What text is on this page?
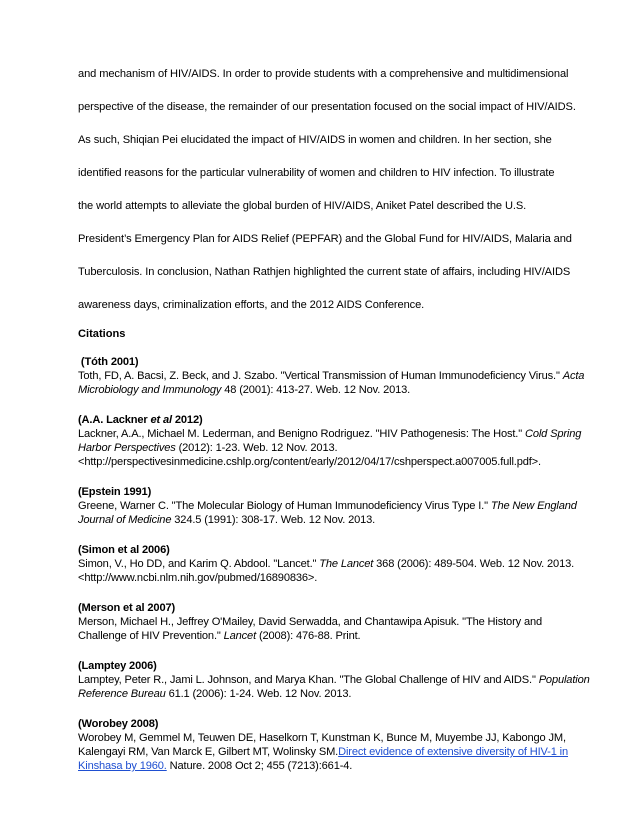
and mechanism of HIV/AIDS. In order to provide students with a comprehensive and multidimensional

perspective of the disease, the remainder of our presentation focused on the social impact of HIV/AIDS.

As such, Shiqian Pei elucidated the impact of HIV/AIDS in women and children. In her section, she

identified reasons for the particular vulnerability of women and children to HIV infection. To illustrate

the world attempts to alleviate the global burden of HIV/AIDS, Aniket Patel described the U.S.

President’s Emergency Plan for AIDS Relief (PEPFAR) and the Global Fund for HIV/AIDS, Malaria and

Tuberculosis. In conclusion, Nathan Rathjen highlighted the current state of affairs, including HIV/AIDS

awareness days, criminalization efforts, and the 2012 AIDS Conference.

Citations
(Tóth 2001)
Toth, FD, A. Bacsi, Z. Beck, and J. Szabo. "Vertical Transmission of Human Immunodeficiency Virus." Acta
Microbiology and Immunology 48 (2001): 413-27. Web. 12 Nov. 2013.
(A.A. Lackner et al 2012)
Lackner, A.A., Michael M. Lederman, and Benigno Rodriguez. "HIV Pathogenesis: The Host." Cold Spring
Harbor Perspectives (2012): 1-23. Web. 12 Nov. 2013.
<http://perspectivesinmedicine.cshlp.org/content/early/2012/04/17/cshperspect.a007005.full.pdf>.
(Epstein 1991)
Greene, Warner C. "The Molecular Biology of Human Immunodeficiency Virus Type I." The New England
Journal of Medicine 324.5 (1991): 308-17. Web. 12 Nov. 2013.
(Simon et al 2006)
Simon, V., Ho DD, and Karim Q. Abdool. "Lancet." The Lancet 368 (2006): 489-504. Web. 12 Nov. 2013.
<http://www.ncbi.nlm.nih.gov/pubmed/16890836>.
(Merson et al 2007)
Merson, Michael H., Jeffrey O'Mailey, David Serwadda, and Chantawipa Apisuk. "The History and
Challenge of HIV Prevention." Lancet (2008): 476-88. Print.
(Lamptey 2006)
Lamptey, Peter R., Jami L. Johnson, and Marya Khan. "The Global Challenge of HIV and AIDS." Population
Reference Bureau 61.1 (2006): 1-24. Web. 12 Nov. 2013.
(Worobey 2008)
Worobey M, Gemmel M, Teuwen DE, Haselkorn T, Kunstman K, Bunce M, Muyembe JJ, Kabongo JM,
Kalengayi RM, Van Marck E, Gilbert MT, Wolinsky SM.Direct evidence of extensive diversity of HIV-1 in
Kinshasa by 1960. Nature. 2008 Oct 2; 455 (7213):661-4.
